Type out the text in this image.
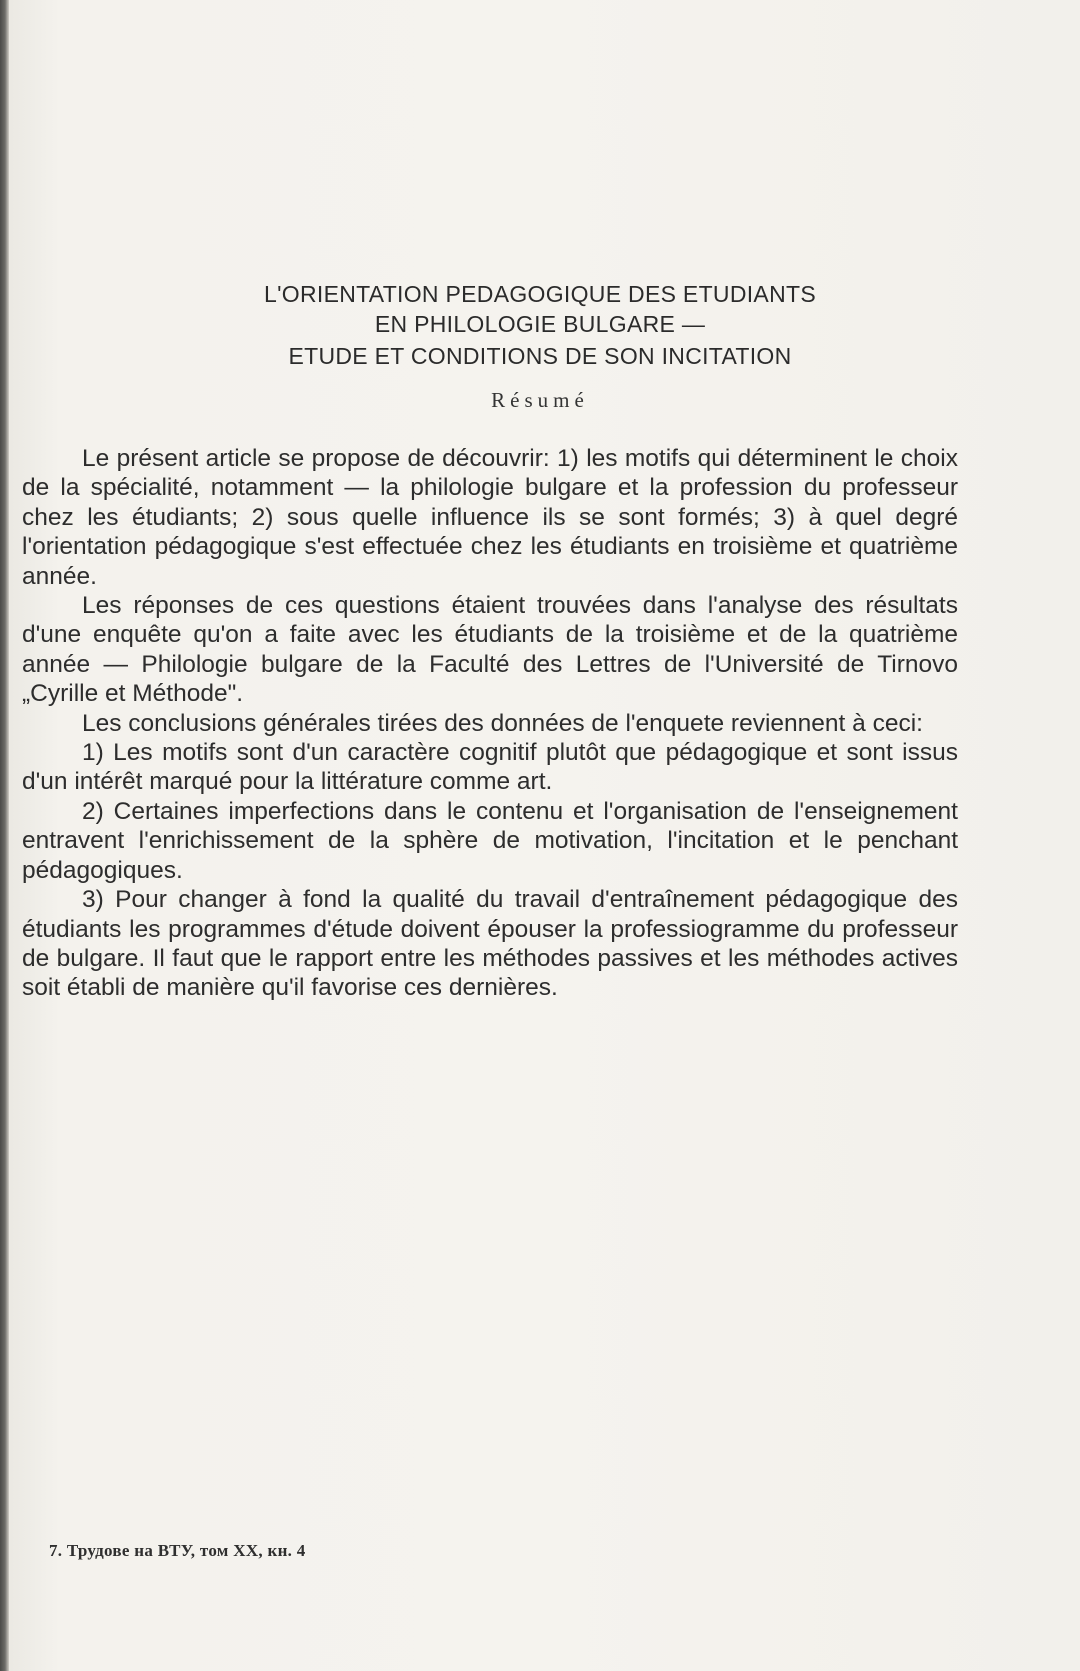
L'ORIENTATION PEDAGOGIQUE DES ETUDIANTS
EN PHILOLOGIE BULGARE —
ETUDE ET CONDITIONS DE SON INCITATION
Résumé

Le présent article se propose de découvrir: 1) les motifs qui déterminent le choix de la spécialité, notamment — la philologie bulgare et la profession du professeur chez les étudiants; 2) sous quelle influence ils se sont formés; 3) à quel degré l'orientation pédagogique s'est effectuée chez les étudiants en troisième et quatrième année.

Les réponses de ces questions étaient trouvées dans l'analyse des résultats d'une enquête qu'on a faite avec les étudiants de la troisième et de la quatrième année — Philologie bulgare de la Faculté des Lettres de l'Université de Tirnovo „Cyrille et Méthode".

Les conclusions générales tirées des données de l'enquete reviennent à ceci:

1) Les motifs sont d'un caractère cognitif plutôt que pédagogique et sont issus d'un intérêt marqué pour la littérature comme art.

2) Certaines imperfections dans le contenu et l'organisation de l'enseignement entravent l'enrichissement de la sphère de motivation, l'incitation et le penchant pédagogiques.

3) Pour changer à fond la qualité du travail d'entraînement pédagogique des étudiants les programmes d'étude doivent épouser la professiogramme du professeur de bulgare. Il faut que le rapport entre les méthodes passives et les méthodes actives soit établi de manière qu'il favorise ces dernières.

7. Трудове на ВТУ, том XX, кн. 4
